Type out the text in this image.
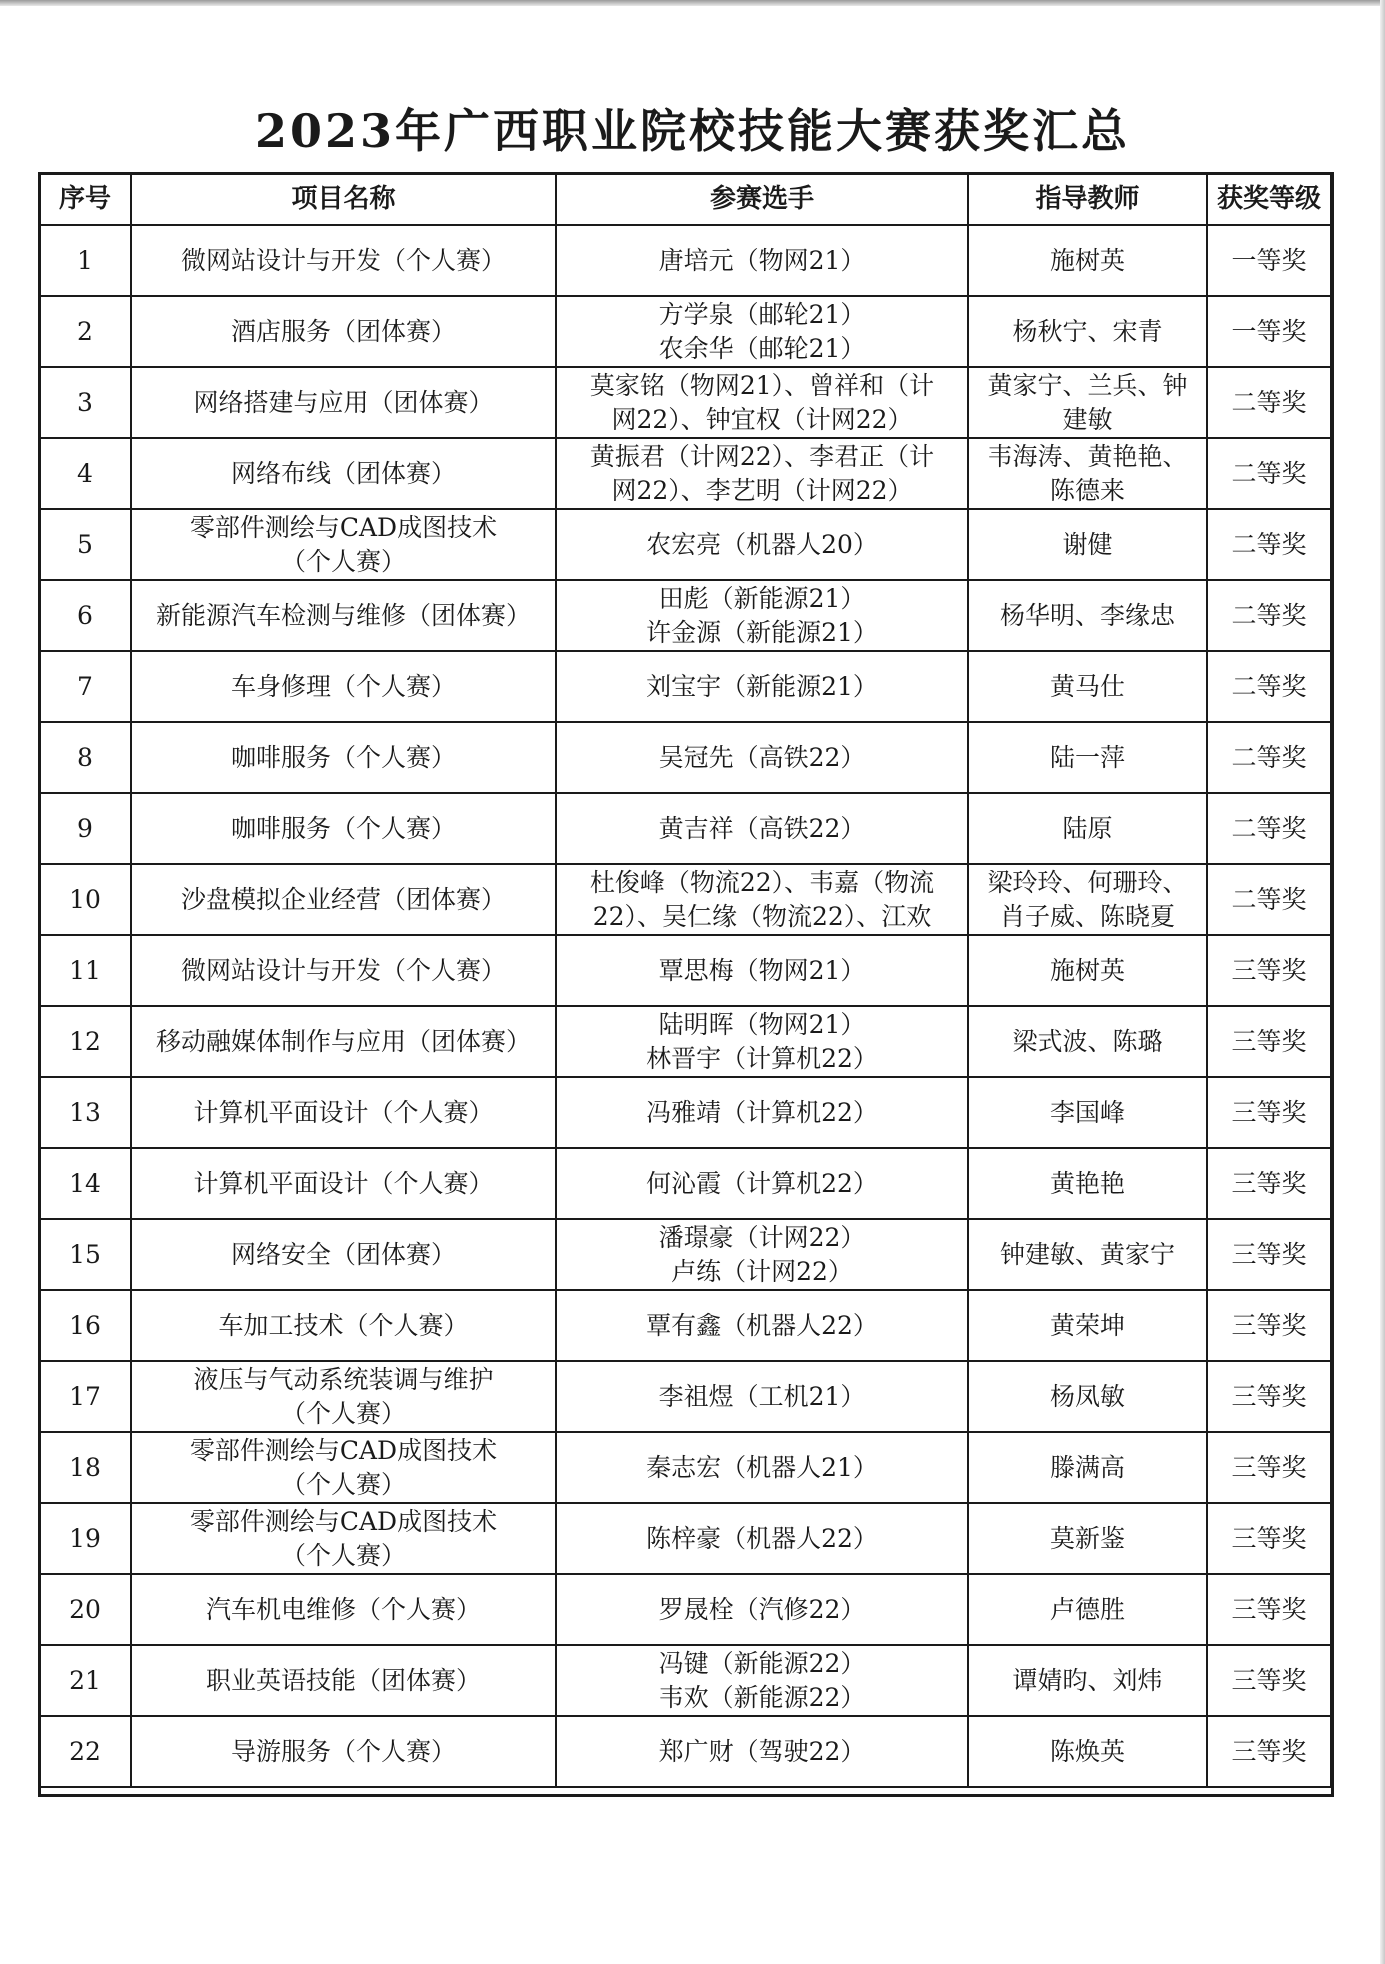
2023年广西职业院校技能大赛获奖汇总
序号	项目名称	参赛选手	指导教师	获奖等级
1	微网站设计与开发（个人赛）	唐培元（物网21）	施树英	一等奖
2	酒店服务（团体赛）	方学泉（邮轮21）
农余华（邮轮21）	杨秋宁、宋青	一等奖
3	网络搭建与应用（团体赛）	莫家铭（物网21）、曾祥和（计
网22）、钟宜权（计网22）	黄家宁、兰兵、钟
建敏	二等奖
4	网络布线（团体赛）	黄振君（计网22）、李君正（计
网22）、李艺明（计网22）	韦海涛、黄艳艳、
陈德来	二等奖
5	零部件测绘与CAD成图技术
（个人赛）	农宏亮（机器人20）	谢健	二等奖
6	新能源汽车检测与维修（团体赛）	田彪（新能源21）
许金源（新能源21）	杨华明、李缘忠	二等奖
7	车身修理（个人赛）	刘宝宇（新能源21）	黄马仕	二等奖
8	咖啡服务（个人赛）	吴冠先（高铁22）	陆一萍	二等奖
9	咖啡服务（个人赛）	黄吉祥（高铁22）	陆原	二等奖
10	沙盘模拟企业经营（团体赛）	杜俊峰（物流22）、韦嘉（物流
22）、吴仁缘（物流22）、江欢	梁玲玲、何珊玲、
肖子威、陈晓夏	二等奖
11	微网站设计与开发（个人赛）	覃思梅（物网21）	施树英	三等奖
12	移动融媒体制作与应用（团体赛）	陆明晖（物网21）
林晋宇（计算机22）	梁式波、陈璐	三等奖
13	计算机平面设计（个人赛）	冯雅靖（计算机22）	李国峰	三等奖
14	计算机平面设计（个人赛）	何沁霞（计算机22）	黄艳艳	三等奖
15	网络安全（团体赛）	潘璟豪（计网22）
卢练（计网22）	钟建敏、黄家宁	三等奖
16	车加工技术（个人赛）	覃有鑫（机器人22）	黄荣坤	三等奖
17	液压与气动系统装调与维护
（个人赛）	李祖煜（工机21）	杨凤敏	三等奖
18	零部件测绘与CAD成图技术
（个人赛）	秦志宏（机器人21）	滕满高	三等奖
19	零部件测绘与CAD成图技术
（个人赛）	陈梓豪（机器人22）	莫新鉴	三等奖
20	汽车机电维修（个人赛）	罗晟栓（汽修22）	卢德胜	三等奖
21	职业英语技能（团体赛）	冯键（新能源22）
韦欢（新能源22）	谭婧昀、刘炜	三等奖
22	导游服务（个人赛）	郑广财（驾驶22）	陈焕英	三等奖
